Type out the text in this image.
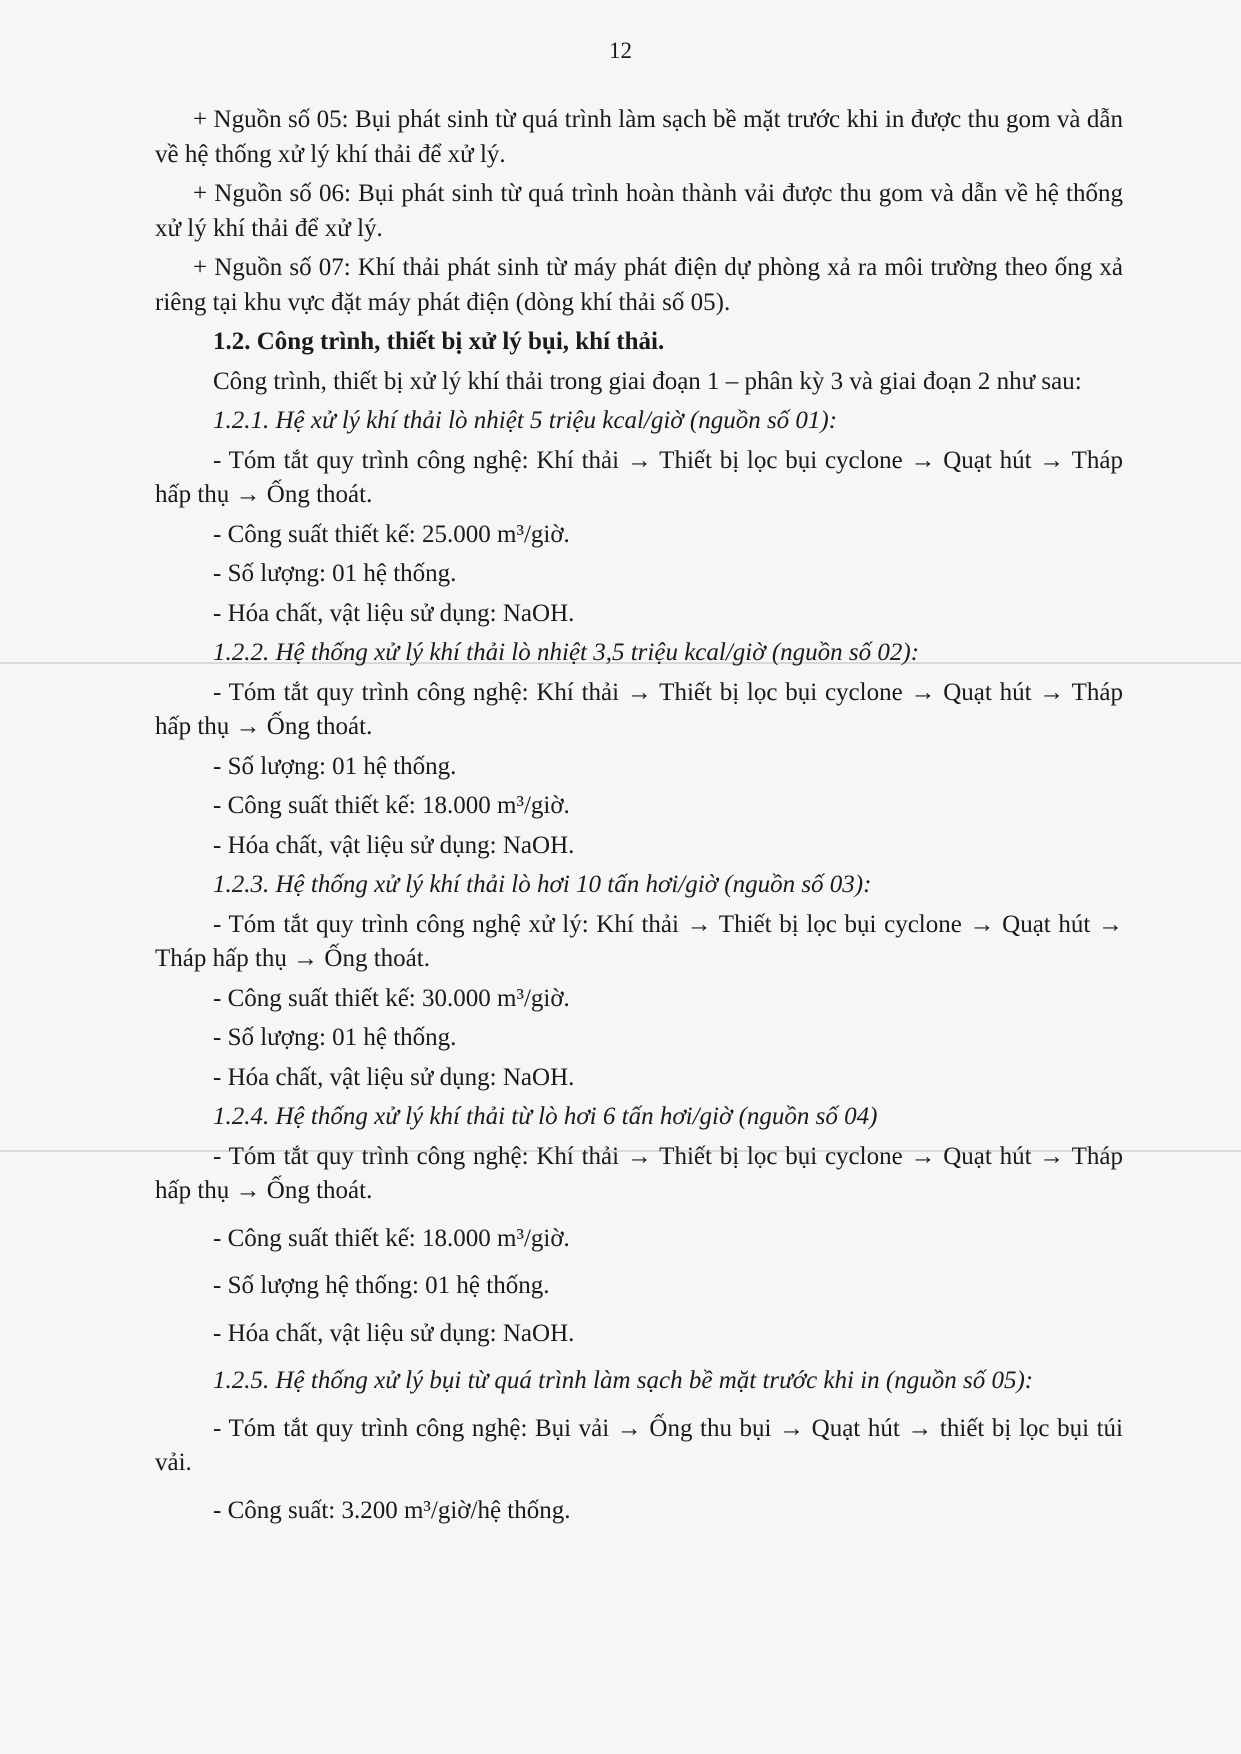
12

+ Nguồn số 05: Bụi phát sinh từ quá trình làm sạch bề mặt trước khi in được thu gom và dẫn về hệ thống xử lý khí thải để xử lý.

+ Nguồn số 06: Bụi phát sinh từ quá trình hoàn thành vải được thu gom và dẫn về hệ thống xử lý khí thải để xử lý.

+ Nguồn số 07: Khí thải phát sinh từ máy phát điện dự phòng xả ra môi trường theo ống xả riêng tại khu vực đặt máy phát điện (dòng khí thải số 05).

1.2. Công trình, thiết bị xử lý bụi, khí thải.

Công trình, thiết bị xử lý khí thải trong giai đoạn 1 – phân kỳ 3 và giai đoạn 2 như sau:

1.2.1. Hệ xử lý khí thải lò nhiệt 5 triệu kcal/giờ (nguồn số 01):

- Tóm tắt quy trình công nghệ: Khí thải → Thiết bị lọc bụi cyclone → Quạt hút → Tháp hấp thụ → Ống thoát.

- Công suất thiết kế: 25.000 m³/giờ.

- Số lượng: 01 hệ thống.

- Hóa chất, vật liệu sử dụng: NaOH.

1.2.2. Hệ thống xử lý khí thải lò nhiệt 3,5 triệu kcal/giờ (nguồn số 02):

- Tóm tắt quy trình công nghệ: Khí thải → Thiết bị lọc bụi cyclone → Quạt hút → Tháp hấp thụ → Ống thoát.

- Số lượng: 01 hệ thống.

- Công suất thiết kế: 18.000 m³/giờ.

- Hóa chất, vật liệu sử dụng: NaOH.

1.2.3. Hệ thống xử lý khí thải lò hơi 10 tấn hơi/giờ (nguồn số 03):

- Tóm tắt quy trình công nghệ xử lý: Khí thải → Thiết bị lọc bụi cyclone → Quạt hút → Tháp hấp thụ → Ống thoát.

- Công suất thiết kế: 30.000 m³/giờ.

- Số lượng: 01 hệ thống.

- Hóa chất, vật liệu sử dụng: NaOH.

1.2.4. Hệ thống xử lý khí thải từ lò hơi 6 tấn hơi/giờ (nguồn số 04)

- Tóm tắt quy trình công nghệ: Khí thải → Thiết bị lọc bụi cyclone → Quạt hút → Tháp hấp thụ → Ống thoát.

- Công suất thiết kế: 18.000 m³/giờ.

- Số lượng hệ thống: 01 hệ thống.

- Hóa chất, vật liệu sử dụng: NaOH.

1.2.5. Hệ thống xử lý bụi từ quá trình làm sạch bề mặt trước khi in (nguồn số 05):

- Tóm tắt quy trình công nghệ: Bụi vải → Ống thu bụi → Quạt hút → thiết bị lọc bụi túi vải.

- Công suất: 3.200 m³/giờ/hệ thống.
